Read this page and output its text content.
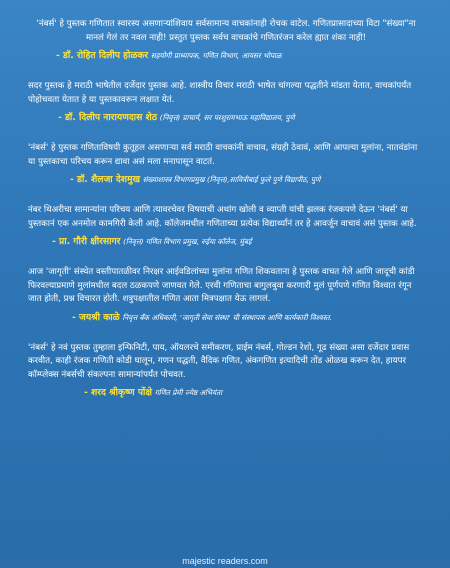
'नंबर्स' हे पुस्तक गणितात स्वारस्य असणाऱ्यांशिवाय सर्वसामान्य वाचकांनाही रोचक वाटेल. गणितप्रासादाच्या विटा "संख्या"ना मानलं गेलं तर नवल नाही! प्रस्तुत पुस्तक सर्वच वाचकांचे गणितरंजन करेल ह्यात शंका नाही!

- डॉ. रोहित दिलीप होळकर सहयोगी प्राध्यापक, गणित विभाग, आयसर भोपाळ

सदर पुस्तक हे मराठी भाषेतील दर्जेदार पुस्तक आहे. शास्त्रीय विचार मराठी भाषेत चांगल्या पद्धतीने मांडता येतात, वाचकांपर्यंत पोहोचवता येतात हे या पुस्तकावरून लक्षात येतं.

- डॉ. दिलीप नारायणदास शेठ (निवृत्त) प्राचार्य, सर परशुरामभाऊ महाविद्यालय, पुणे

'नंबर्स' हे पुस्तक गणिताविषयी कुतूहल असणाऱ्या सर्व मराठी वाचकांनी वाचाव, संग्रही ठेवावं, आणि आपल्या मुलांना, नातवंडांना या पुस्तकाचा परिचय करून द्यावा असं मला मनापासून वाटतं.

- डॉ. शैलजा देशमुख संख्याशास्त्र विभागप्रमुख (निवृत्त),सावित्रीबाई फुले पुणे विद्यापीठ, पुणे

नंबर थिअरीचा सामान्यांना परिचय आणि त्यावरचेवर विषयाची अथांग खोली व व्याप्ती यांची झलक रंजकपणे देऊन 'नंबर्स' या पुस्तकानं एक अनमोल कामगिरी केली आहे. कॉलेजमधील गणिताच्या प्रत्येक विद्यार्थ्यांनं तर हे आवर्जून वाचावं असं पुस्तक आहे.

- प्रा. गौरी क्षीरसागर (निवृत्त) गणित विभाग प्रमुख, रुईया कॉलेज, मुंबई

आज 'जागृती' संस्थेत वस्तीपातळीवर निरक्षर आईवडिलांच्या मुलांना गणित शिकवताना हे पुस्तक वाचत गेले आणि जादूची कांडी फिरवल्याप्रमाणे मुलांमधील बदल ठळकपणे जाणवत गेले. एरवी गणिताचा बागुलबुवा करणारी मुलं पूर्णपणे गणित विश्वात रंगून जात होती, प्रश्न विचारत होती. शत्रुपक्षातील गणित आता मित्रपक्षात येऊ लागलं.

- जयश्री काळे निवृत्त बँक अधिकारी, 'जागृती सेवा संस्था' ची संस्थापक आणि कार्यकारी विश्वस्त.

'नंबर्स' हे नवं पुस्तक तुम्हाला इन्फिनिटी, पाय, ऑयलरचे समीकरण, प्राईम नंबर्स, गोल्डन रेशो, गूढ संख्या असा दर्जेदार प्रवास करवीत, काही रंजक गणिती कोडी घालून, गणन पद्धती, वैदिक गणित, अंकगणित इत्यादिची तोंड ओळख करून देत, हायपर कॉम्प्लेक्स नंबर्सची संकल्पना सामान्यांपर्यंत पोचवत.

- शरद श्रीकृष्ण पोंक्षे गणित प्रेमी ज्येष्ठ अभियंता

majestic readers.com
